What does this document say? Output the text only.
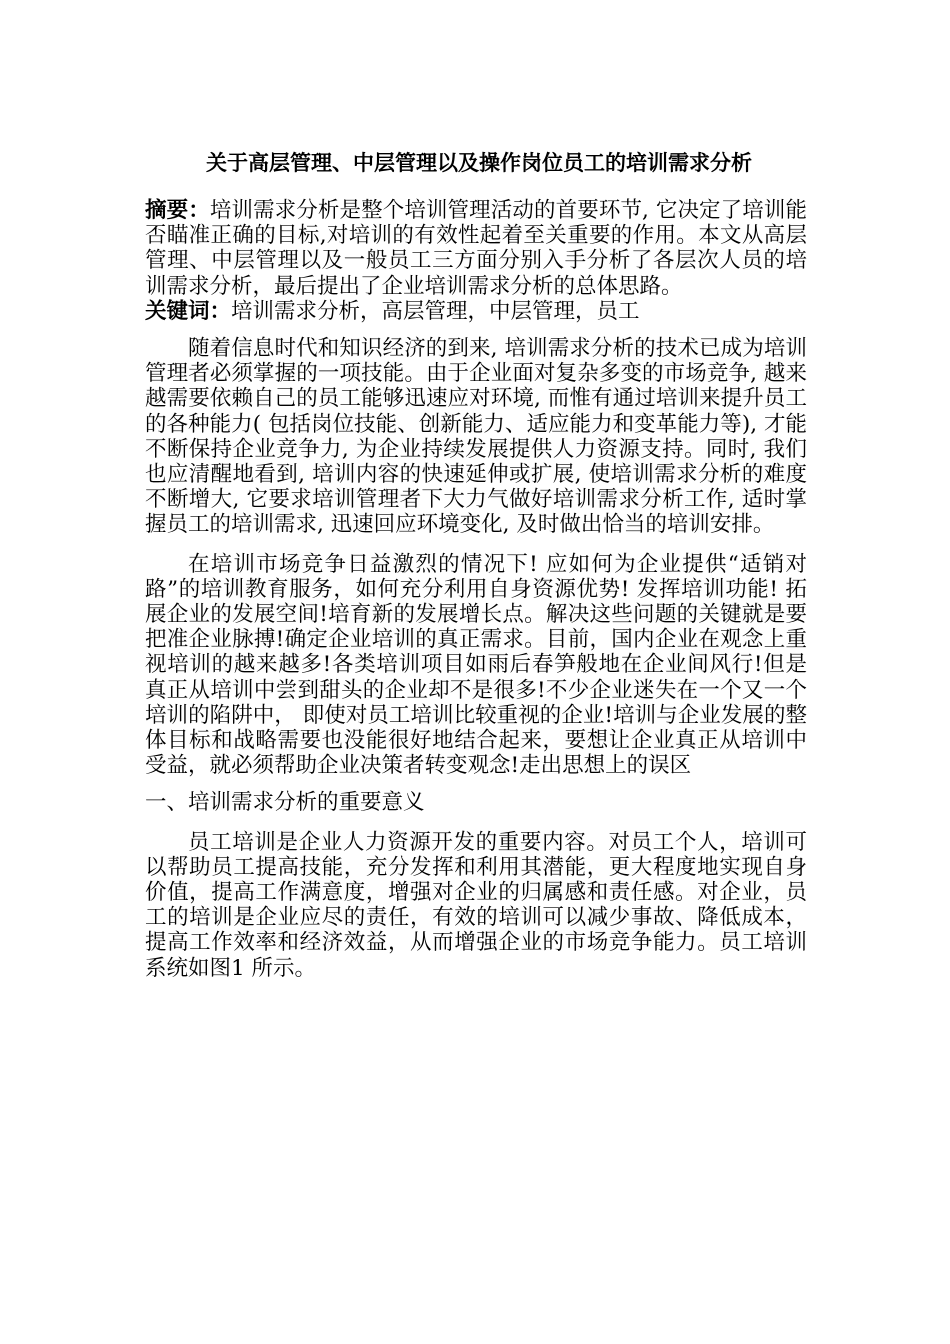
关于高层管理、中层管理以及操作岗位员工的培训需求分析

摘要：培训需求分析是整个培训管理活动的首要环节, 它决定了培训能否瞄准正确的目标,对培训的有效性起着至关重要的作用。本文从高层管理、中层管理以及一般员工三方面分别入手分析了各层次人员的培训需求分析，最后提出了企业培训需求分析的总体思路。

关键词：培训需求分析，高层管理，中层管理，员工

随着信息时代和知识经济的到来, 培训需求分析的技术已成为培训管理者必须掌握的一项技能。由于企业面对复杂多变的市场竞争, 越来越需要依赖自己的员工能够迅速应对环境, 而惟有通过培训来提升员工的各种能力( 包括岗位技能、创新能力、适应能力和变革能力等), 才能不断保持企业竞争力, 为企业持续发展提供人力资源支持。同时, 我们也应清醒地看到, 培训内容的快速延伸或扩展, 使培训需求分析的难度不断增大, 它要求培训管理者下大力气做好培训需求分析工作, 适时掌握员工的培训需求, 迅速回应环境变化, 及时做出恰当的培训安排。

在培训市场竞争日益激烈的情况下! 应如何为企业提供“适销对路”的培训教育服务，如何充分利用自身资源优势! 发挥培训功能! 拓展企业的发展空间!培育新的发展增长点。解决这些问题的关键就是要把准企业脉搏!确定企业培训的真正需求。目前，国内企业在观念上重视培训的越来越多!各类培训项目如雨后春笋般地在企业间风行!但是真正从培训中尝到甜头的企业却不是很多!不少企业迷失在一个又一个培训的陷阱中， 即使对员工培训比较重视的企业!培训与企业发展的整体目标和战略需要也没能很好地结合起来，要想让企业真正从培训中受益，就必须帮助企业决策者转变观念!走出思想上的误区

一、培训需求分析的重要意义

员工培训是企业人力资源开发的重要内容。对员工个人，培训可以帮助员工提高技能，充分发挥和利用其潜能，更大程度地实现自身价值，提高工作满意度，增强对企业的归属感和责任感。对企业，员工的培训是企业应尽的责任，有效的培训可以减少事故、降低成本，提高工作效率和经济效益，从而增强企业的市场竞争能力。员工培训系统如图1 所示。
